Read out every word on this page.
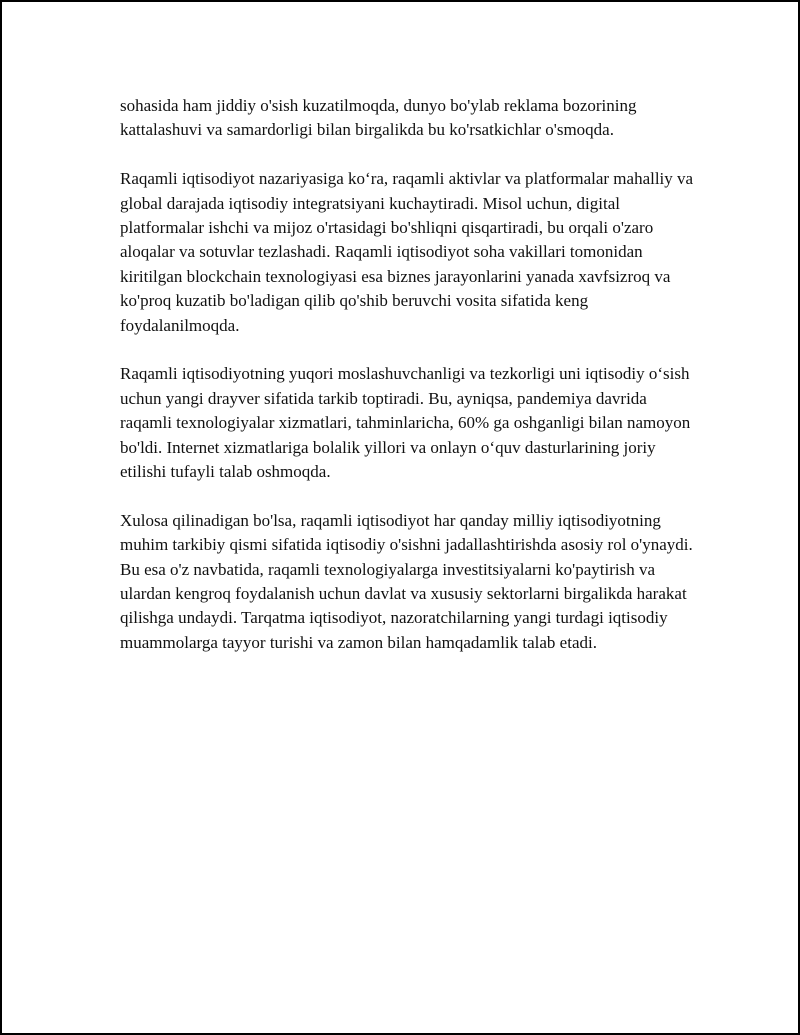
sohasida ham jiddiy o'sish kuzatilmoqda, dunyo bo'ylab reklama bozorining kattalashuvi va samardorligi bilan birgalikda bu ko'rsatkichlar o'smoqda.

Raqamli iqtisodiyot nazariyasiga ko‘ra, raqamli aktivlar va platformalar mahalliy va global darajada iqtisodiy integratsiyani kuchaytiradi. Misol uchun, digital platformalar ishchi va mijoz o'rtasidagi bo'shliqni qisqartiradi, bu orqali o'zaro aloqalar va sotuvlar tezlashadi. Raqamli iqtisodiyot soha vakillari tomonidan kiritilgan blockchain texnologiyasi esa biznes jarayonlarini yanada xavfsizroq va ko'proq kuzatib bo'ladigan qilib qo'shib beruvchi vosita sifatida keng foydalanilmoqda.

Raqamli iqtisodiyotning yuqori moslashuvchanligi va tezkorligi uni iqtisodiy o‘sish uchun yangi drayver sifatida tarkib toptiradi. Bu, ayniqsa, pandemiya davrida raqamli texnologiyalar xizmatlari, tahminlaricha, 60% ga oshganligi bilan namoyon bo'ldi. Internet xizmatlariga bolalik yillori va onlayn o‘quv dasturlarining joriy etilishi tufayli talab oshmoqda.

Xulosa qilinadigan bo'lsa, raqamli iqtisodiyot har qanday milliy iqtisodiyotning muhim tarkibiy qismi sifatida iqtisodiy o'sishni jadallashtirishda asosiy rol o'ynaydi. Bu esa o'z navbatida, raqamli texnologiyalarga investitsiyalarni ko'paytirish va ulardan kengroq foydalanish uchun davlat va xususiy sektorlarni birgalikda harakat qilishga undaydi. Tarqatma iqtisodiyot, nazoratchilarning yangi turdagi iqtisodiy muammolarga tayyor turishi va zamon bilan hamqadamlik talab etadi.
